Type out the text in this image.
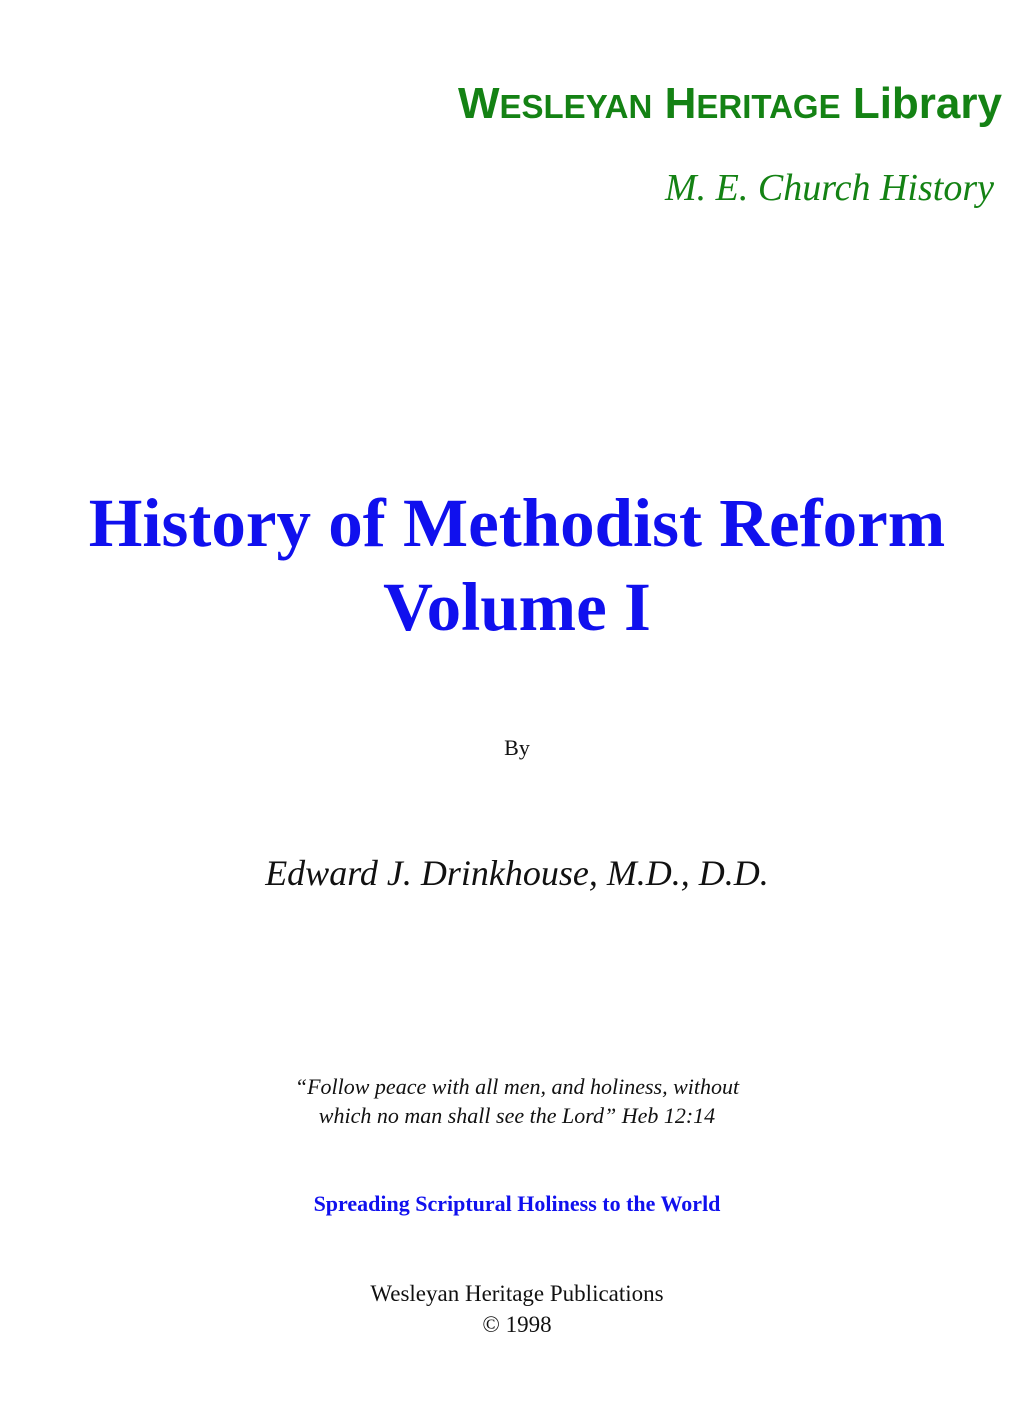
WESLEYAN HERITAGE Library
M. E. Church History
History of Methodist Reform
Volume I
By
Edward J. Drinkhouse, M.D., D.D.
“Follow peace with all men, and holiness, without
which no man shall see the Lord” Heb 12:14
Spreading Scriptural Holiness to the World
Wesleyan Heritage Publications
© 1998
